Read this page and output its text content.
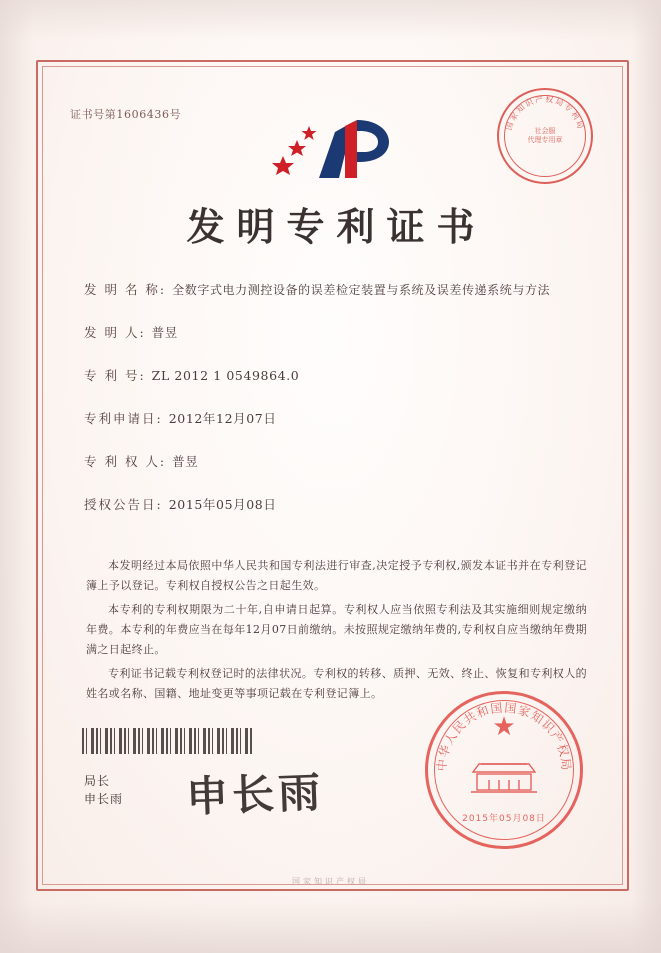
证书号第1606436号
国家知识产权局专利局
社会服
代理专用章
发明专利证书
发 明 名 称: 全数字式电力测控设备的误差检定装置与系统及误差传递系统与方法
发 明 人: 普昱
专 利 号: ZL 2012 1 0549864.0
专利申请日: 2012年12月07日
专 利 权 人: 普昱
授权公告日: 2015年05月08日

本发明经过本局依照中华人民共和国专利法进行审查,决定授予专利权,颁发本证书并在专利登记簿上予以登记。专利权自授权公告之日起生效。

本专利的专利权期限为二十年,自申请日起算。专利权人应当依照专利法及其实施细则规定缴纳年费。本专利的年费应当在每年12月07日前缴纳。未按照规定缴纳年费的,专利权自应当缴纳年费期满之日起终止。

专利证书记载专利权登记时的法律状况。专利权的转移、质押、无效、终止、恢复和专利权人的姓名或名称、国籍、地址变更等事项记载在专利登记簿上。

局长
申长雨 申长雨
中华人民共和国国家知识产权局
★
2015年05月08日
国家知识产权局
